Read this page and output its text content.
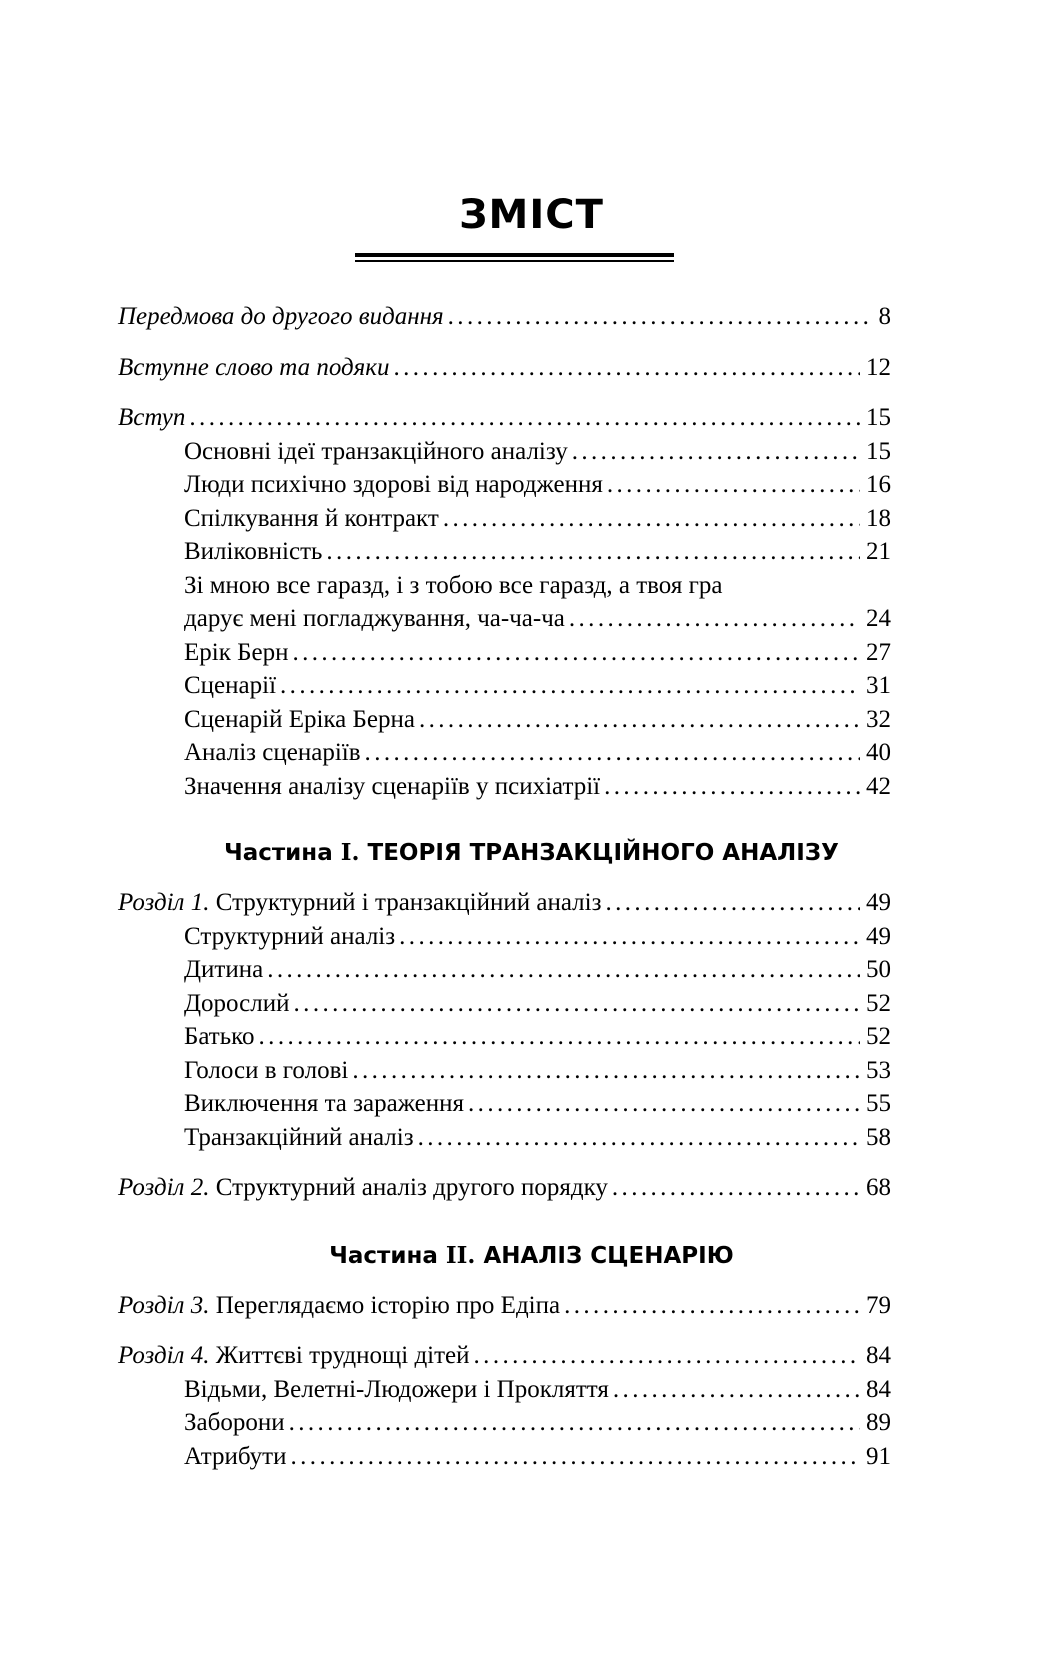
ЗМІСТ
Передмова до другого видання .....	8
Вступне слово та подяки .....	12
Вступ .....	15
Основні ідеї транзакційного аналізу .....	15
Люди психічно здорові від народження .....	16
Спілкування й контракт .....	18
Виліковність .....	21
Зі мною все гаразд, і з тобою все гаразд, а твоя гра
дарує мені погладжування, ча-ча-ча .....	24
Ерік Берн .....	27
Сценарії .....	31
Сценарій Еріка Берна .....	32
Аналіз сценаріїв .....	40
Значення аналізу сценаріїв у психіатрії .....	42
Частина I. ТЕОРІЯ ТРАНЗАКЦІЙНОГО АНАЛІЗУ
Розділ 1. Структурний і транзакційний аналіз .....	49
Структурний аналіз .....	49
Дитина .....	50
Дорослий .....	52
Батько .....	52
Голоси в голові .....	53
Виключення та зараження .....	55
Транзакційний аналіз .....	58
Розділ 2. Структурний аналіз другого порядку .....	68
Частина II. АНАЛІЗ СЦЕНАРІЮ
Розділ 3. Переглядаємо історію про Едіпа .....	79
Розділ 4. Життєві труднощі дітей .....	84
Відьми, Велетні-Людожери і Прокляття .....	84
Заборони .....	89
Атрибути .....	91
